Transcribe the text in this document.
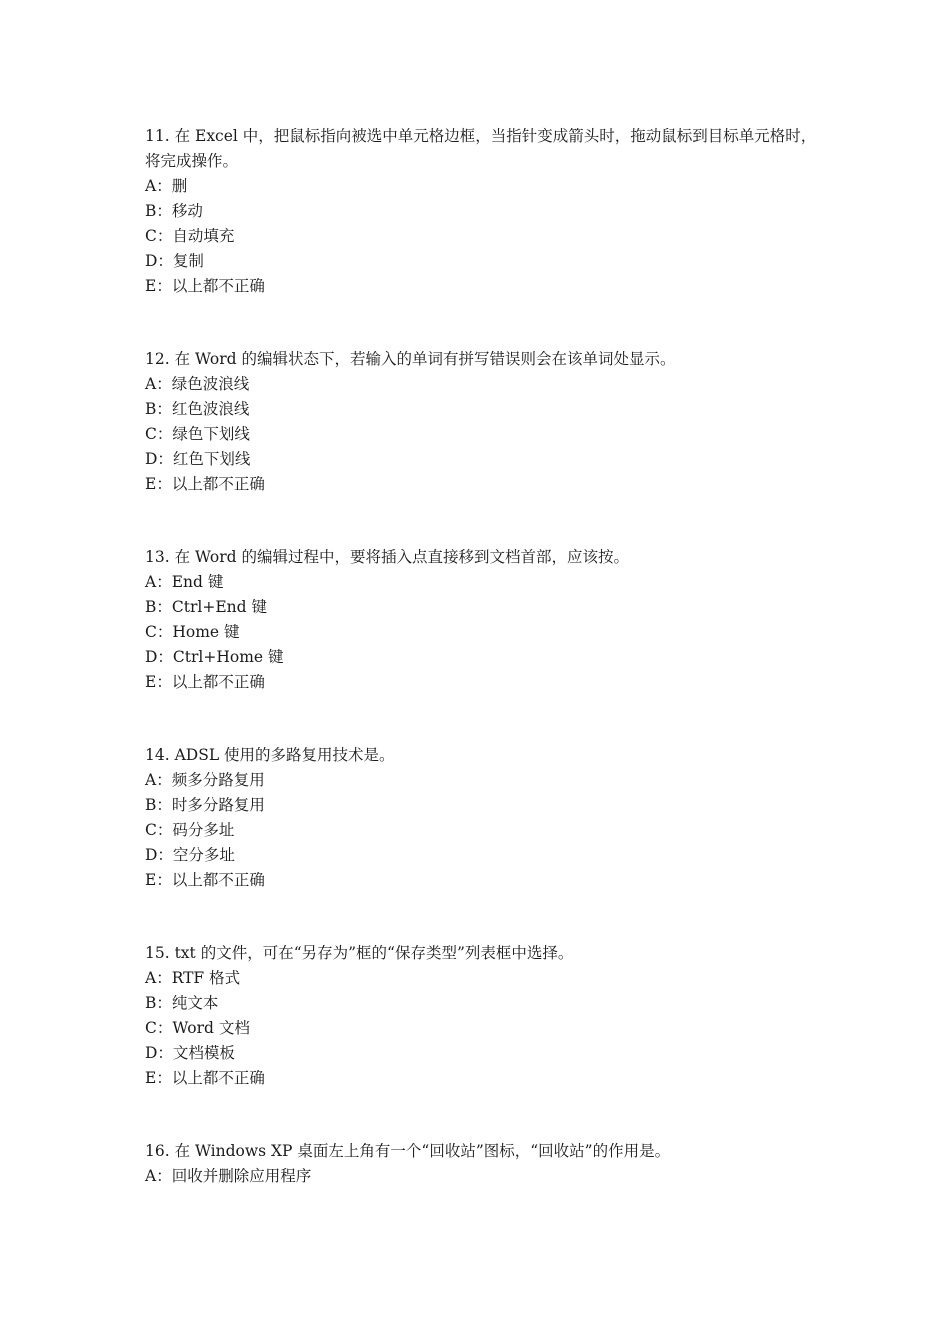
11. 在 Excel 中，把鼠标指向被选中单元格边框，当指针变成箭头时，拖动鼠标到目标单元格时，将完成操作。

A：删

B：移动

C：自动填充

D：复制

E：以上都不正确

12. 在 Word 的编辑状态下，若输入的单词有拼写错误则会在该单词处显示。

A：绿色波浪线

B：红色波浪线

C：绿色下划线

D：红色下划线

E：以上都不正确

13. 在 Word 的编辑过程中，要将插入点直接移到文档首部，应该按。

A：End 键

B：Ctrl+End 键

C：Home 键

D：Ctrl+Home 键

E：以上都不正确

14. ADSL 使用的多路复用技术是。

A：频多分路复用

B：时多分路复用

C：码分多址

D：空分多址

E：以上都不正确

15. txt 的文件，可在“另存为”框的“保存类型”列表框中选择。

A：RTF 格式

B：纯文本

C：Word 文档

D：文档模板

E：以上都不正确

16. 在 Windows XP 桌面左上角有一个“回收站”图标，“回收站”的作用是。

A：回收并删除应用程序
